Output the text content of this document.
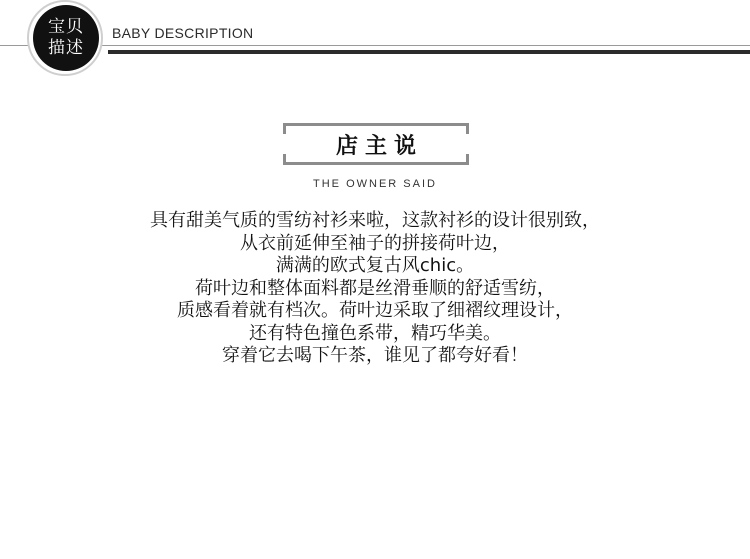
宝贝
描述
BABY DESCRIPTION
店主说
THE OWNER SAID
具有甜美气质的雪纺衬衫来啦，这款衬衫的设计很别致，
从衣前延伸至袖子的拼接荷叶边，
满满的欧式复古风chic。
荷叶边和整体面料都是丝滑垂顺的舒适雪纺，
质感看着就有档次。荷叶边采取了细褶纹理设计，
还有特色撞色系带，精巧华美。
穿着它去喝下午茶，谁见了都夸好看！
